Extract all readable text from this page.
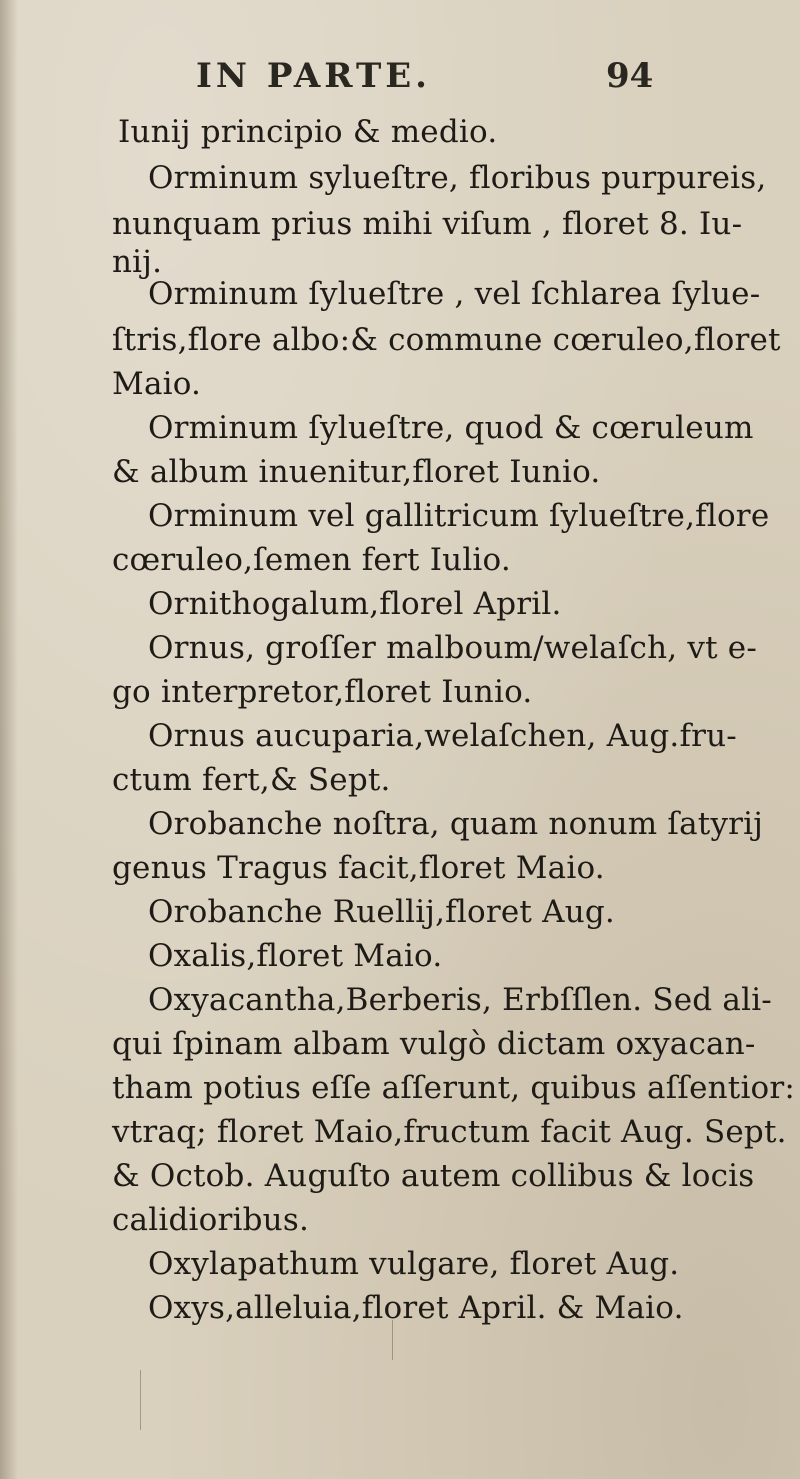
IN PARTE.	94
Iunij principio & medio.
Orminum sylueſtre, floribus purpureis,
nunquam prius mihi viſum , floret 8. Iu-
nij.
Orminum ſylueſtre , vel ſchlarea ſylue-
ſtris,flore albo:& commune cœruleo,floret
Maio.
Orminum ſylueſtre, quod & cœruleum
& album inuenitur,floret Iunio.
Orminum vel gallitricum ſylueſtre,flore
cœruleo,ſemen fert Iulio.
Ornithogalum,florel April.
Ornus, groſſer malboum/welaſch, vt e-
go interpretor,floret Iunio.
Ornus aucuparia,welaſchen, Aug.fru-
ctum fert,& Sept.
Orobanche noſtra, quam nonum ſatyrij
genus Tragus facit,floret Maio.
Orobanche Ruellij,floret Aug.
Oxalis,floret Maio.
Oxyacantha,Berberis, Erbſſlen. Sed ali-
qui ſpinam albam vulgò dictam oxyacan-
tham potius eſſe aſſerunt, quibus aſſentior:
vtraq; floret Maio,fructum facit Aug. Sept.
& Octob. Auguſto autem collibus & locis
calidioribus.
Oxylapathum vulgare, floret Aug.
Oxys,alleluia,floret April. & Maio.
